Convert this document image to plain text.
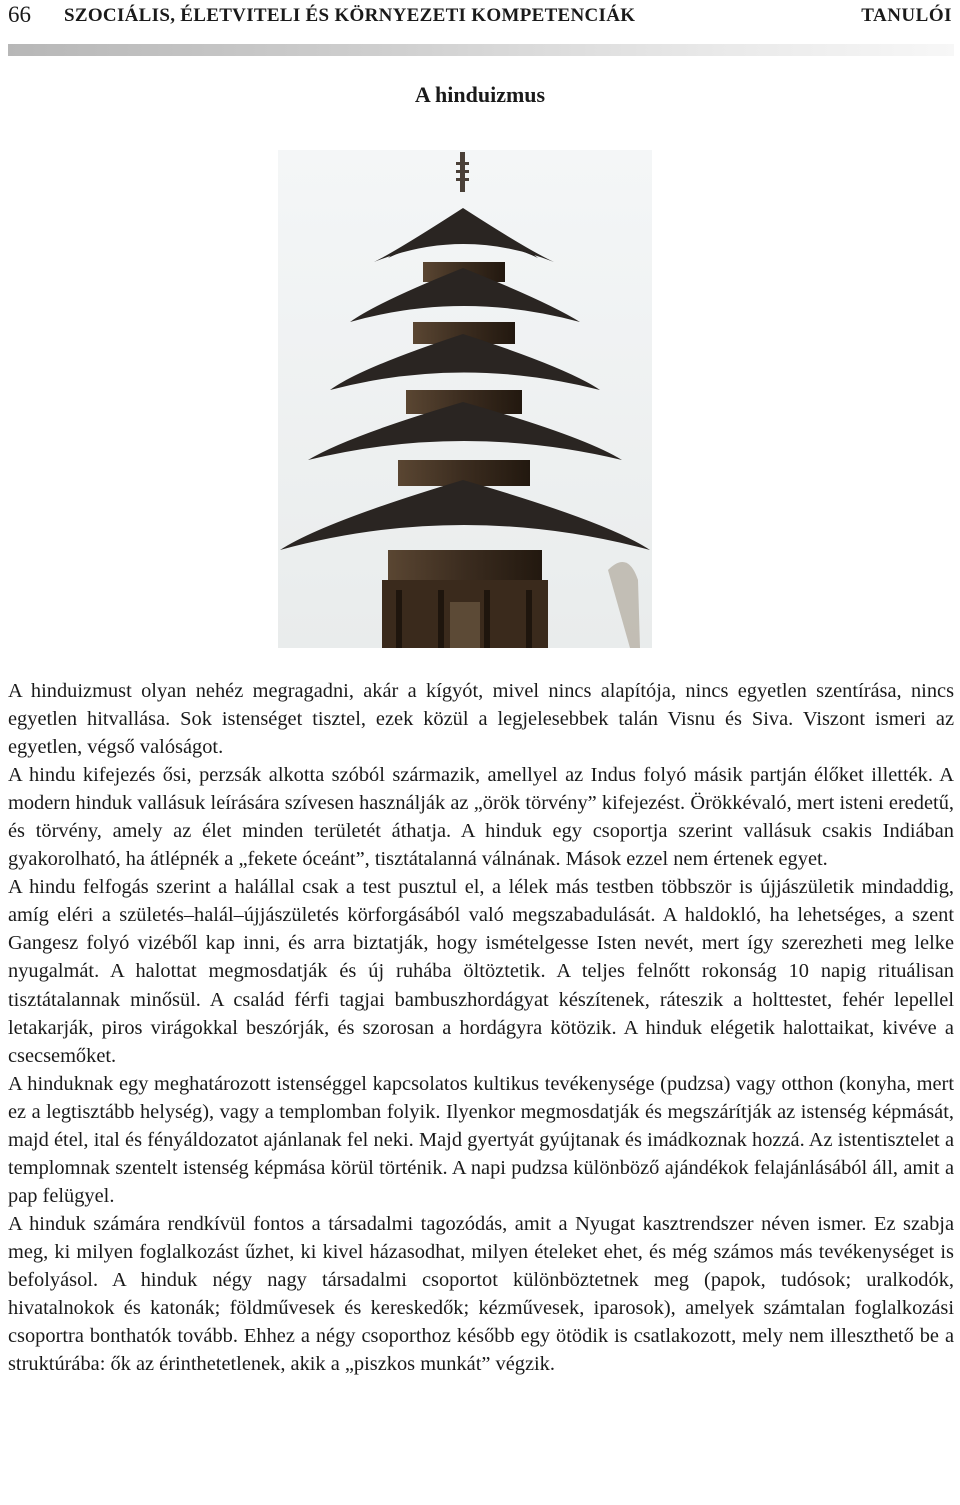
66 SZOCIÁLIS, ÉLETVITELI ÉS KÖRNYEZETI KOMPETENCIÁK	TANULÓI
A hinduizmus

A hinduizmust olyan nehéz megragadni, akár a kígyót, mivel nincs alapítója, nincs egyetlen szentírása, nincs egyetlen hitvallása. Sok istenséget tisztel, ezek közül a legjelesebbek talán Visnu és Siva. Viszont ismeri az egyetlen, végső valóságot.

A hindu kifejezés ősi, perzsák alkotta szóból származik, amellyel az Indus folyó másik partján élőket illették. A modern hinduk vallásuk leírására szívesen használják az „örök törvény” kifejezést. Örökkévaló, mert isteni eredetű, és törvény, amely az élet minden területét áthatja. A hinduk egy csoportja szerint vallásuk csakis Indiában gyakorolható, ha átlépnék a „fekete óceánt”, tisztátalanná válnának. Mások ezzel nem értenek egyet.

A hindu felfogás szerint a halállal csak a test pusztul el, a lélek más testben többször is újjászületik mindaddig, amíg eléri a születés–halál–újjászületés körforgásából való megszabadulását. A haldokló, ha lehetséges, a szent Gangesz folyó vizéből kap inni, és arra biztatják, hogy ismételgesse Isten nevét, mert így szerezheti meg lelke nyugalmát. A halottat megmosdatják és új ruhába öltöztetik. A teljes felnőtt rokonság 10 napig rituálisan tisztátalannak minősül. A család férfi tagjai bambuszhordágyat készítenek, ráteszik a holttestet, fehér lepellel letakarják, piros virágokkal beszórják, és szorosan a hordágyra kötözik. A hinduk elégetik halottaikat, kivéve a csecsemőket.

A hinduknak egy meghatározott istenséggel kapcsolatos kultikus tevékenysége (pudzsa) vagy otthon (konyha, mert ez a legtisztább helység), vagy a templomban folyik. Ilyenkor megmosdatják és megszárítják az istenség képmását, majd étel, ital és fényáldozatot ajánlanak fel neki. Majd gyertyát gyújtanak és imádkoznak hozzá. Az istentisztelet a templomnak szentelt istenség képmása körül történik. A napi pudzsa különböző ajándékok felajánlásából áll, amit a pap felügyel.

A hinduk számára rendkívül fontos a társadalmi tagozódás, amit a Nyugat kasztrendszer néven ismer. Ez szabja meg, ki milyen foglalkozást űzhet, ki kivel házasodhat, milyen ételeket ehet, és még számos más tevékenységet is befolyásol. A hinduk négy nagy társadalmi csoportot különböztetnek meg (papok, tudósok; uralkodók, hivatalnokok és katonák; földművesek és kereskedők; kézművesek, iparosok), amelyek számtalan foglalkozási csoportra bonthatók tovább. Ehhez a négy csoporthoz később egy ötödik is csatlakozott, mely nem illeszthető be a struktúrába: ők az érinthetetlenek, akik a „piszkos munkát” végzik.
